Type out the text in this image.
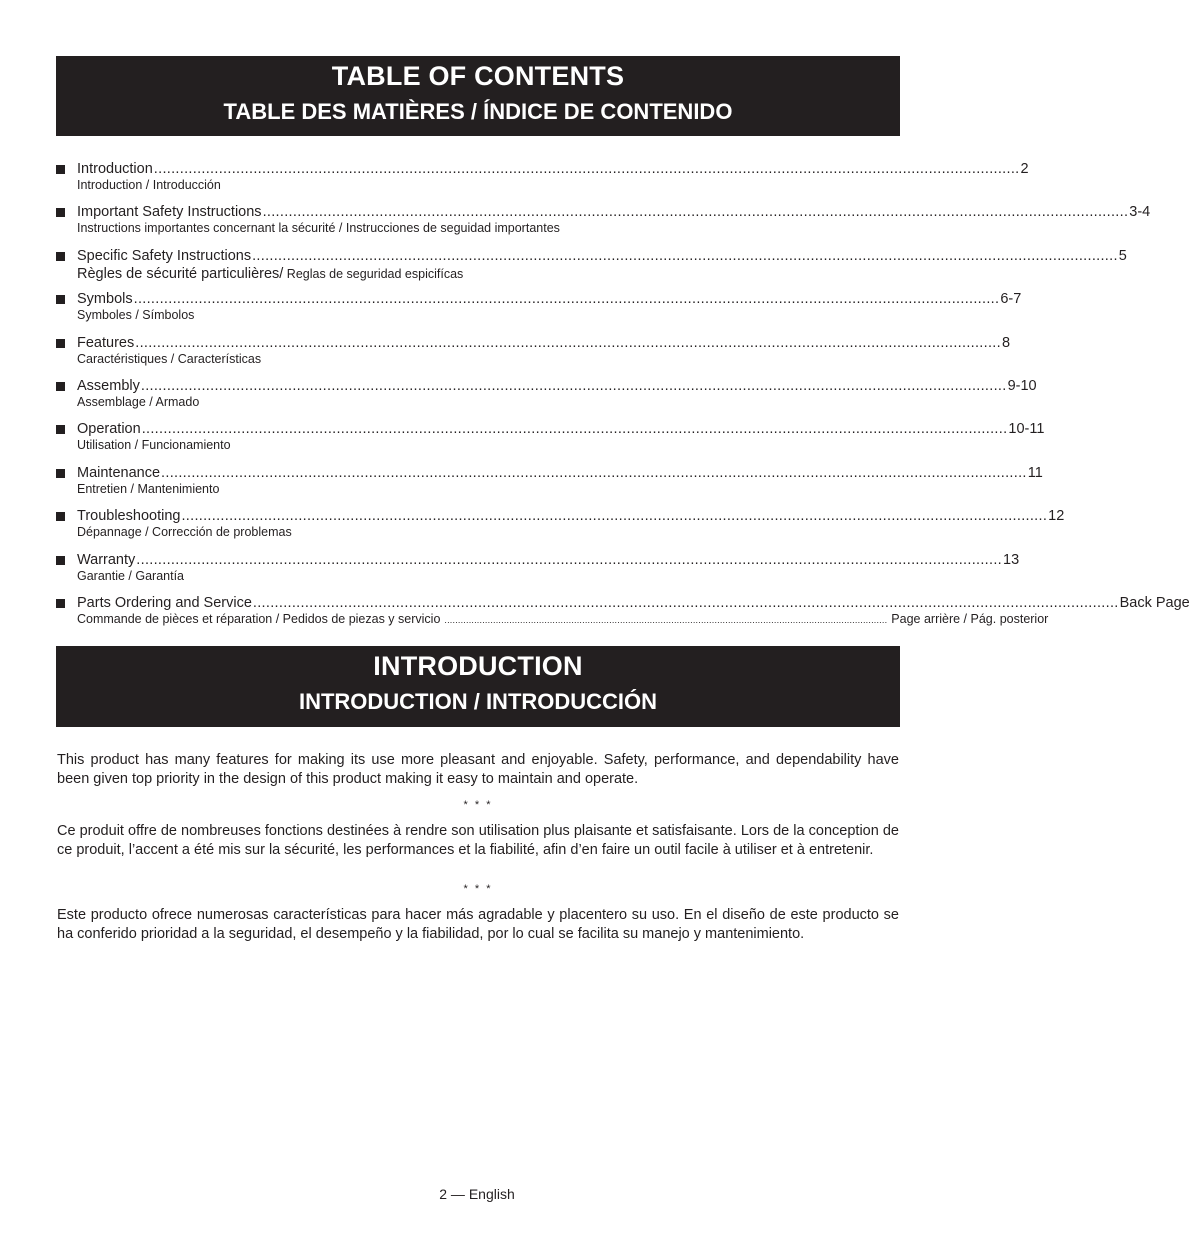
TABLE OF CONTENTS
TABLE DES MATIÈRES / ÍNDICE DE CONTENIDO
Introduction ........................................................................................................................................................................................................ 2
Introduction / Introducción
Important Safety Instructions ........................................................................................................................................................................................................ 3-4
Instructions importantes concernant la sécurité / Instrucciones de seguidad importantes
Specific Safety Instructions ........................................................................................................................................................................................................ 5
Règles de sécurité particulières/ Reglas de seguridad espicifícas
Symbols ........................................................................................................................................................................................................ 6-7
Symboles / Símbolos
Features ........................................................................................................................................................................................................ 8
Caractéristiques / Características
Assembly ........................................................................................................................................................................................................ 9-10
Assemblage / Armado
Operation ........................................................................................................................................................................................................ 10-11
Utilisation / Funcionamiento
Maintenance ........................................................................................................................................................................................................ 11
Entretien / Mantenimiento
Troubleshooting ........................................................................................................................................................................................................ 12
Dépannage / Corrección de problemas
Warranty ........................................................................................................................................................................................................ 13
Garantie / Garantía
Parts Ordering and Service ........................................................................................................................................................................................................ Back Page
Commande de pièces et réparation / Pedidos de piezas y servicio .................................................................................................................................................................... Page arrière / Pág. posterior
INTRODUCTION
INTRODUCTION / INTRODUCCIÓN
This product has many features for making its use more pleasant and enjoyable. Safety, performance, and dependability have been given top priority in the design of this product making it easy to maintain and operate.
* * *
Ce produit offre de nombreuses fonctions destinées à rendre son utilisation plus plaisante et satisfaisante. Lors de la conception de ce produit, l’accent a été mis sur la sécurité, les performances et la fiabilité, afin d’en faire un outil facile à utiliser et à entretenir.
* * *
Este producto ofrece numerosas características para hacer más agradable y placentero su uso. En el diseño de este producto se ha conferido prioridad a la seguridad, el desempeño y la fiabilidad, por lo cual se facilita su manejo y mantenimiento.
2 — English
